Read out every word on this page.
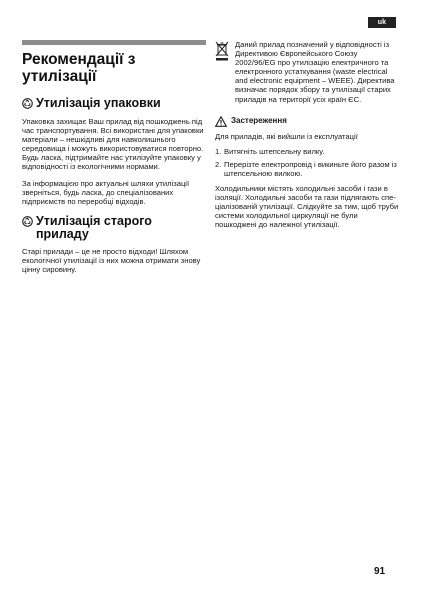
uk
Рекомендації з утилізації
Утилізація упаковки

Упаковка захищає Ваш прилад від пошкоджень під час транспортування. Всі використані для упаковки матеріали – нешкідливі для навколишнього середовища і можуть використовуватися повторно. Будь ласка, підтримайте нас утилізуйте упаковку у відповідності із екологічними нормами.

За інформацією про актуальні шляхи утилізації зверніться, будь ласка, до спеціалізованих підприємств по переробці відходів.

Утилізація старого приладу

Старі прилади – це не просто відходи! Шляхом екологічної утилізації із них можна отримати знову цінну сировину.

Даний прилад позначений у відповідності із Директивою Європейського Союзу 2002/96/EG про утилізацію електричного та електронного устаткування (waste electrical and electronic equipment – WEEE). Директива визначає порядок збору та утилізації старих приладів на території усіх країн ЄС.

Застереження

Для приладів, які вийшли із експлуатації

1. Витягніть штепсельну вилку.
2. Перерізте електропровід і викиньте його разом із штепсельною вилкою.

Холодильники містять холодильні засоби і гази в ізоляції. Холодильні засоби та гази підлягають спе-ціалізованій утилізації. Слідкуйте за тим, щоб труби системи холодильної циркуляції не були пошкоджені до належної утилізації.

91
